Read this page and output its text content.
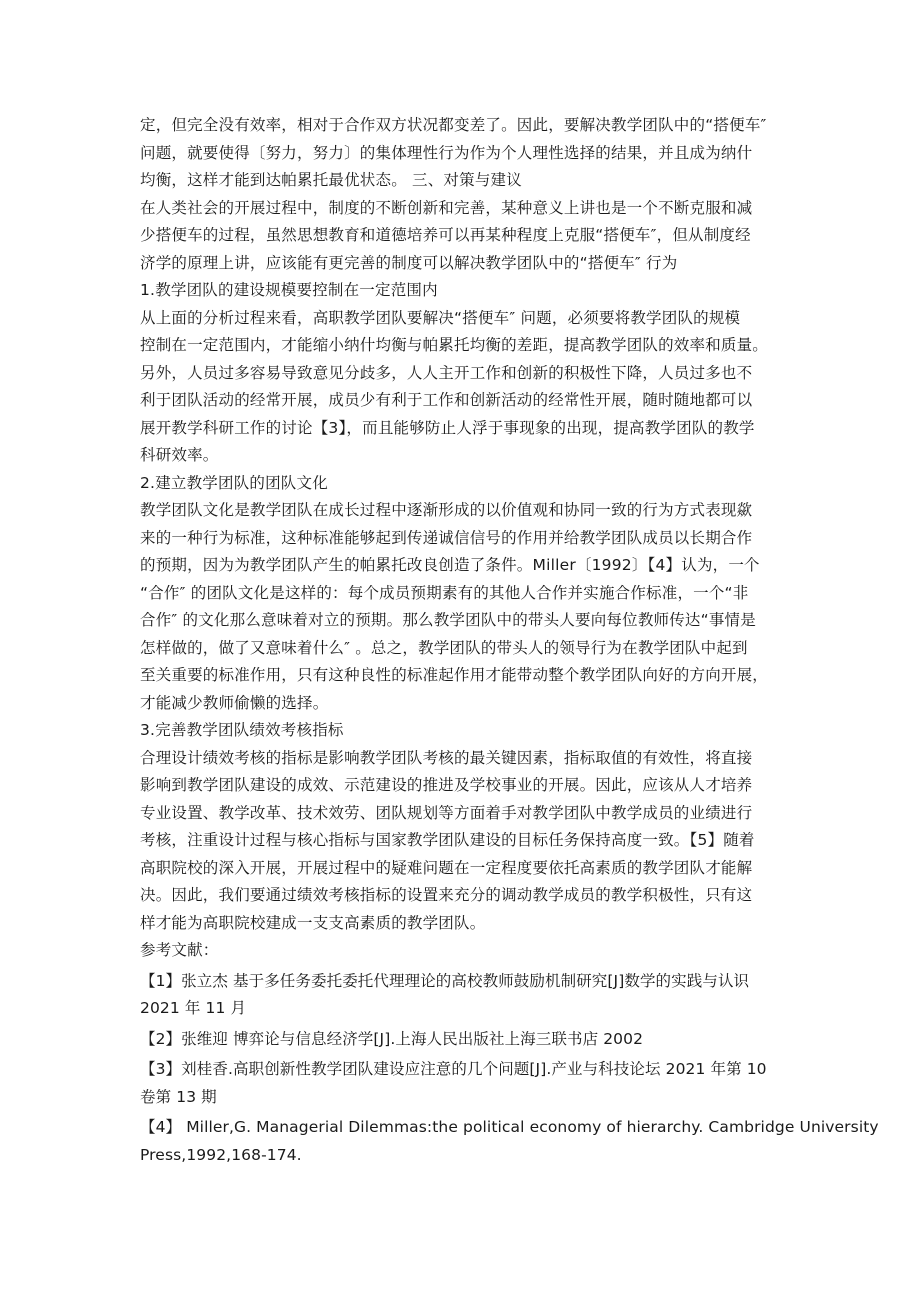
定，但完全没有效率，相对于合作双方状况都变差了。因此，要解决教学团队中的“搭便车″
问题，就要使得〔努力，努力〕的集体理性行为作为个人理性选择的结果，并且成为纳什
均衡，这样才能到达帕累托最优状态。 三、对策与建议
在人类社会的开展过程中，制度的不断创新和完善，某种意义上讲也是一个不断克服和减
少搭便车的过程，虽然思想教育和道德培养可以再某种程度上克服“搭便车″，但从制度经
济学的原理上讲，应该能有更完善的制度可以解决教学团队中的“搭便车″ 行为
1.教学团队的建设规模要控制在一定范围内
从上面的分析过程来看，高职教学团队要解决“搭便车″ 问题，必须要将教学团队的规模
控制在一定范围内，才能缩小纳什均衡与帕累托均衡的差距，提高教学团队的效率和质量。
另外，人员过多容易导致意见分歧多，人人主开工作和创新的积极性下降，人员过多也不
利于团队活动的经常开展，成员少有利于工作和创新活动的经常性开展，随时随地都可以
展开教学科研工作的讨论【3】，而且能够防止人浮于事现象的出现，提高教学团队的教学
科研效率。
2.建立教学团队的团队文化
教学团队文化是教学团队在成长过程中逐渐形成的以价值观和协同一致的行为方式表现歘
来的一种行为标准，这种标准能够起到传递诚信信号的作用并给教学团队成员以长期合作
的预期，因为为教学团队产生的帕累托改良创造了条件。Miller〔1992〕【4】认为，一个
“合作″ 的团队文化是这样的：每个成员预期素有的其他人合作并实施合作标准，一个“非
合作″ 的文化那么意味着对立的预期。那么教学团队中的带头人要向每位教师传达“事情是
怎样做的，做了又意味着什么″ 。总之，教学团队的带头人的领导行为在教学团队中起到
至关重要的标准作用，只有这种良性的标准起作用才能带动整个教学团队向好的方向开展，
才能减少教师偷懒的选择。
3.完善教学团队绩效考核指标
合理设计绩效考核的指标是影响教学团队考核的最关键因素，指标取值的有效性，将直接
影响到教学团队建设的成效、示范建设的推进及学校事业的开展。因此，应该从人才培养
专业设置、教学改革、技术效劳、团队规划等方面着手对教学团队中教学成员的业绩进行
考核，注重设计过程与核心指标与国家教学团队建设的目标任务保持高度一致。【5】随着
高职院校的深入开展，开展过程中的疑难问题在一定程度要依托高素质的教学团队才能解
决。因此，我们要通过绩效考核指标的设置来充分的调动教学成员的教学积极性，只有这
样才能为高职院校建成一支支高素质的教学团队。
参考文献：
【1】张立杰 基于多任务委托委托代理理论的高校教师鼓励机制研究[J]数学的实践与认识
2021 年 11 月
【2】张维迎 博弈论与信息经济学[J].上海人民出版社上海三联书店 2002
【3】刘桂香.高职创新性教学团队建设应注意的几个问题[J].产业与科技论坛 2021 年第 10
卷第 13 期
【4】 Miller,G. Managerial Dilemmas:the political economy of hierarchy. Cambridge University
Press,1992,168-174.
